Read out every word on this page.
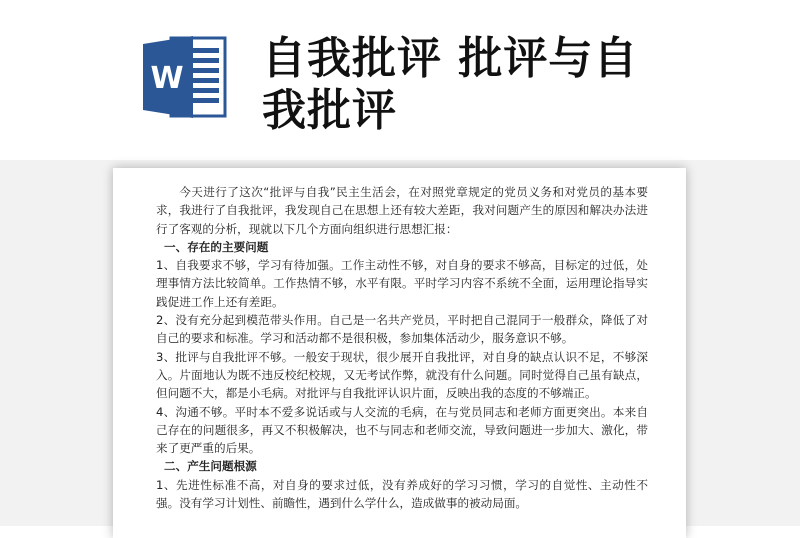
W 自我批评 批评与自我批评

今天进行了这次“批评与自我”民主生活会，在对照党章规定的党员义务和对党员的基本要求，我进行了自我批评，我发现自己在思想上还有较大差距，我对问题产生的原因和解决办法进行了客观的分析，现就以下几个方面向组织进行思想汇报：

一、存在的主要问题

1、自我要求不够，学习有待加强。工作主动性不够，对自身的要求不够高，目标定的过低，处理事情方法比较简单。工作热情不够，水平有限。平时学习内容不系统不全面，运用理论指导实践促进工作上还有差距。

2、没有充分起到模范带头作用。自己是一名共产党员，平时把自己混同于一般群众，降低了对自己的要求和标准。学习和活动都不是很积极，参加集体活动少，服务意识不够。

3、批评与自我批评不够。一般安于现状，很少展开自我批评，对自身的缺点认识不足，不够深入。片面地认为既不违反校纪校规，又无考试作弊，就没有什么问题。同时觉得自己虽有缺点，但问题不大，都是小毛病。对批评与自我批评认识片面，反映出我的态度的不够端正。

4、沟通不够。平时本不爱多说话或与人交流的毛病，在与党员同志和老师方面更突出。本来自己存在的问题很多，再又不积极解决，也不与同志和老师交流，导致问题进一步加大、激化，带来了更严重的后果。

二、产生问题根源

1、先进性标准不高，对自身的要求过低，没有养成好的学习习惯，学习的自觉性、主动性不强。没有学习计划性、前瞻性，遇到什么学什么，造成做事的被动局面。
